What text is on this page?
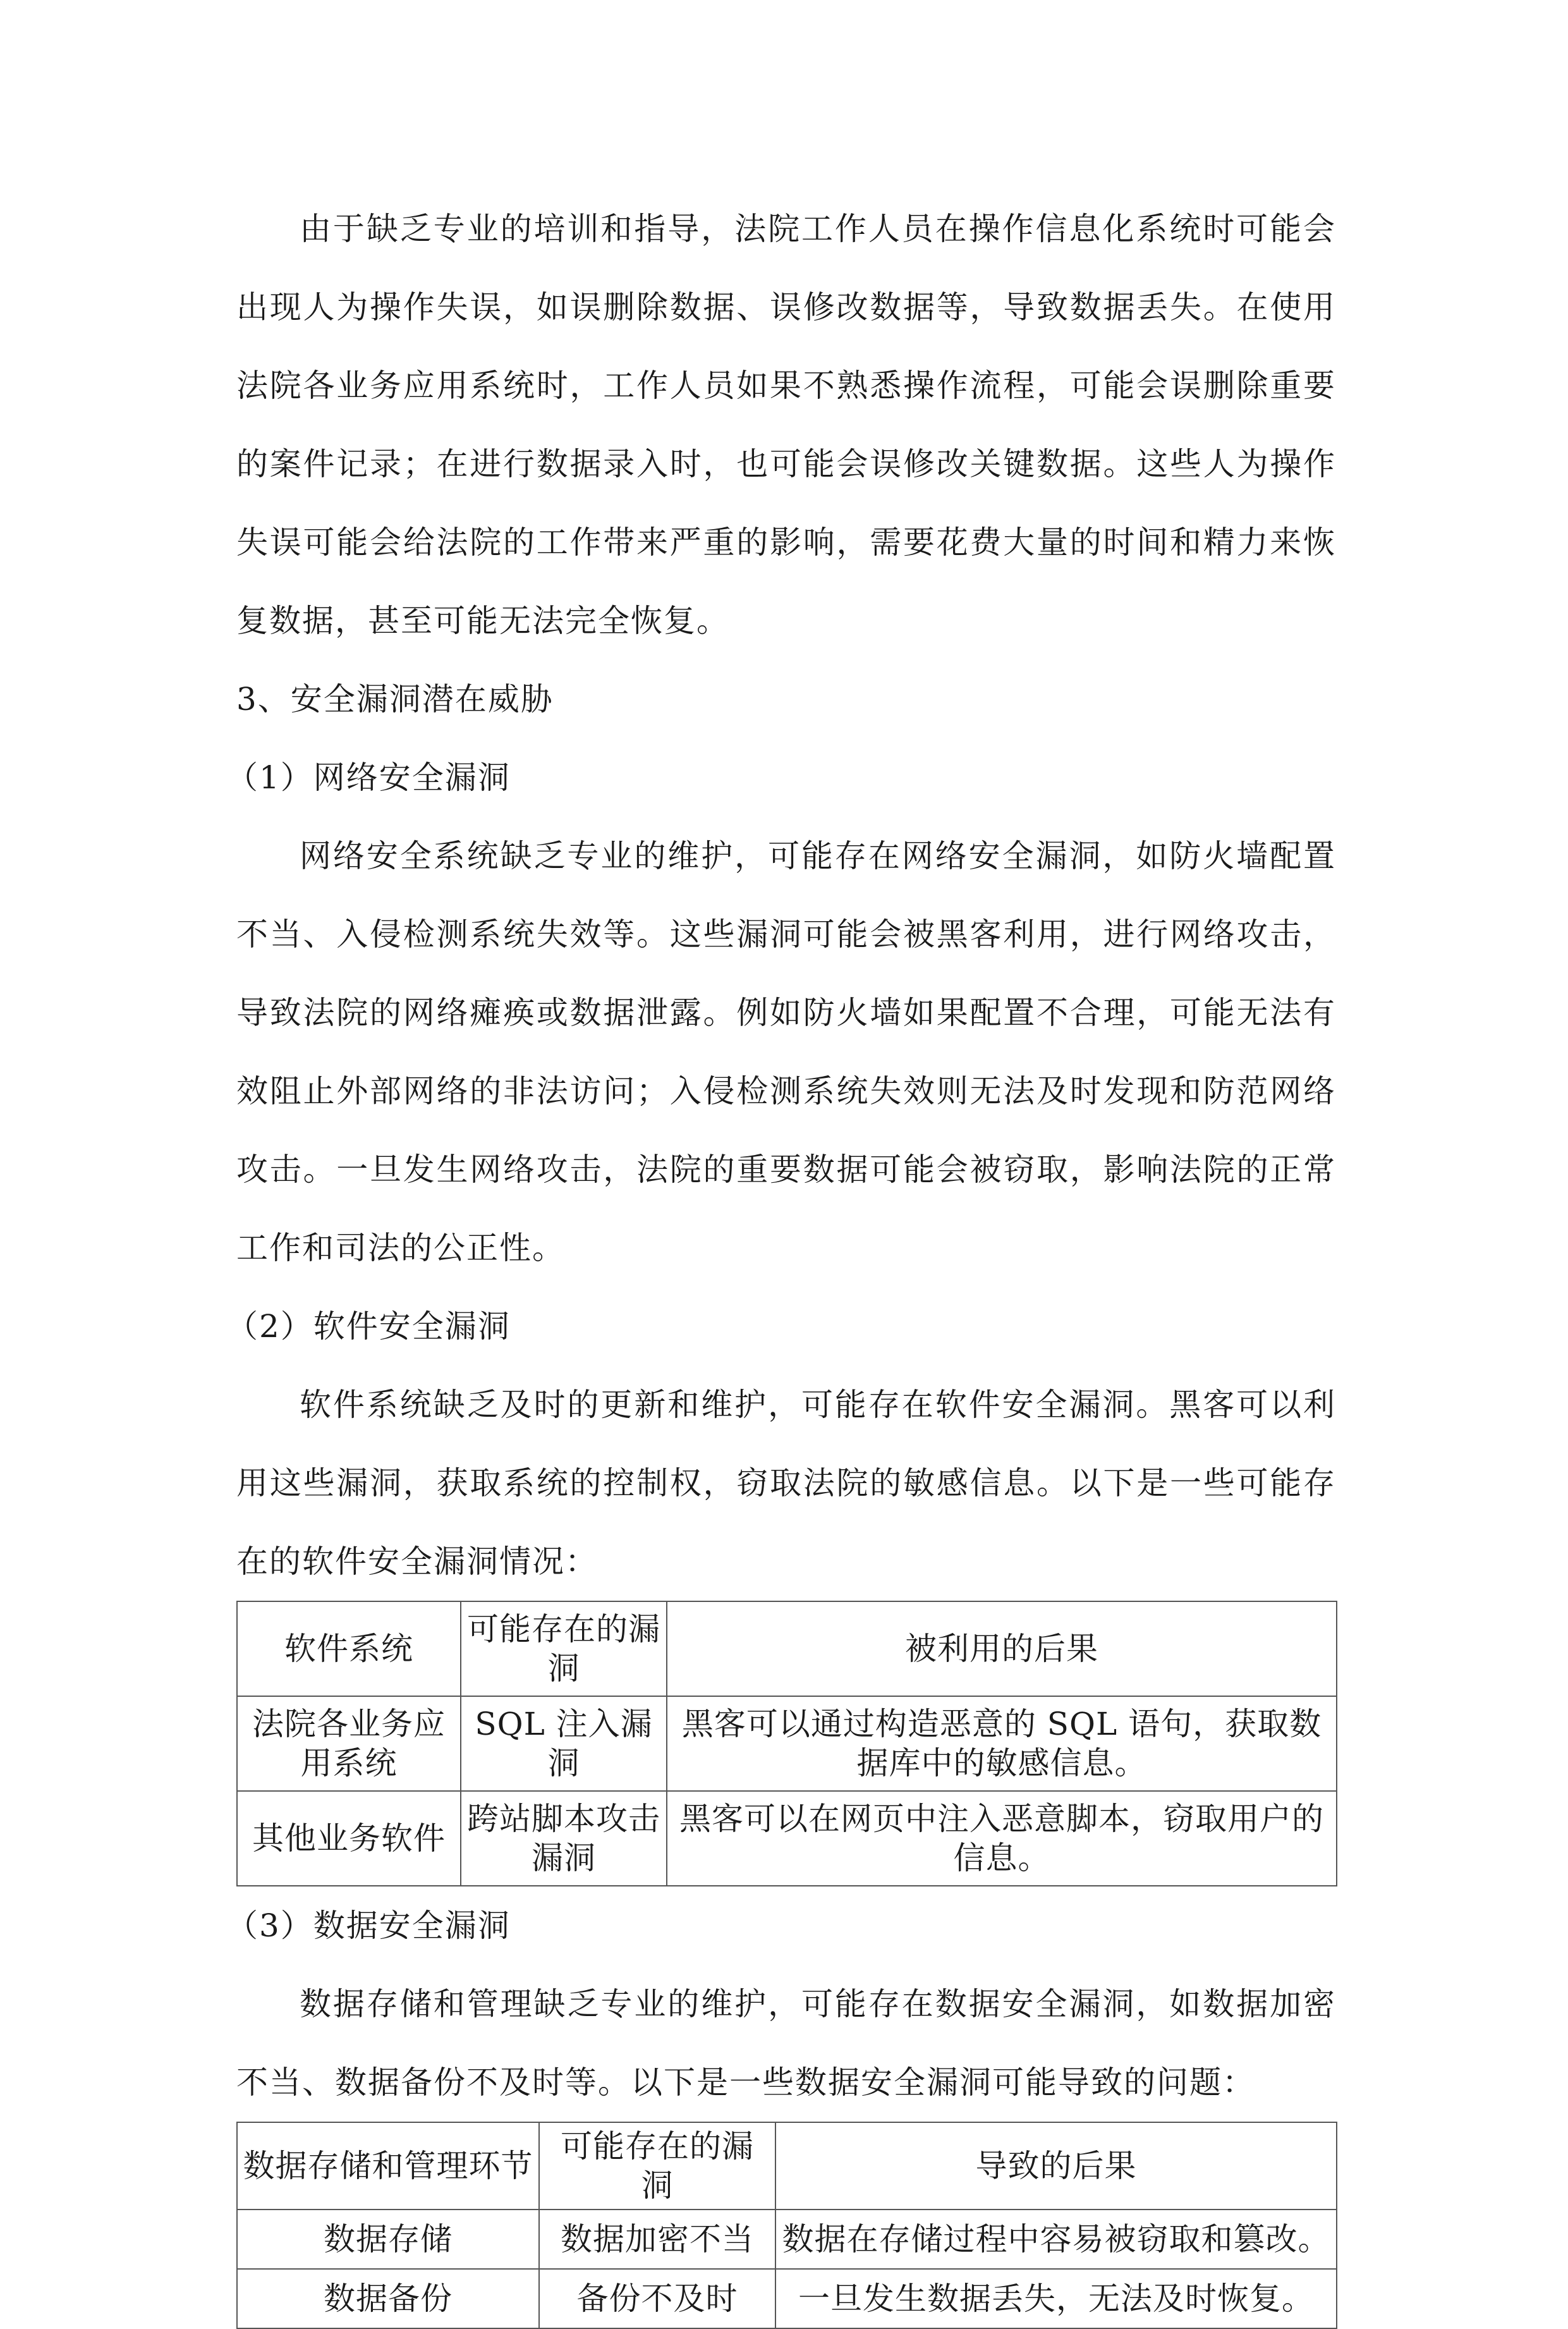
由于缺乏专业的培训和指导，法院工作人员在操作信息化系统时可能会出现人为操作失误，如误删除数据、误修改数据等，导致数据丢失。在使用法院各业务应用系统时，工作人员如果不熟悉操作流程，可能会误删除重要的案件记录；在进行数据录入时，也可能会误修改关键数据。这些人为操作失误可能会给法院的工作带来严重的影响，需要花费大量的时间和精力来恢复数据，甚至可能无法完全恢复。

3、安全漏洞潜在威胁

（1）网络安全漏洞

网络安全系统缺乏专业的维护，可能存在网络安全漏洞，如防火墙配置不当、入侵检测系统失效等。这些漏洞可能会被黑客利用，进行网络攻击，导致法院的网络瘫痪或数据泄露。例如防火墙如果配置不合理，可能无法有效阻止外部网络的非法访问；入侵检测系统失效则无法及时发现和防范网络攻击。一旦发生网络攻击，法院的重要数据可能会被窃取，影响法院的正常工作和司法的公正性。

（2）软件安全漏洞

软件系统缺乏及时的更新和维护，可能存在软件安全漏洞。黑客可以利用这些漏洞，获取系统的控制权，窃取法院的敏感信息。以下是一些可能存在的软件安全漏洞情况：

软件系统	可能存在的漏洞	被利用的后果
法院各业务应用系统	SQL 注入漏洞	黑客可以通过构造恶意的 SQL 语句，获取数据库中的敏感信息。
其他业务软件	跨站脚本攻击漏洞	黑客可以在网页中注入恶意脚本，窃取用户的信息。

（3）数据安全漏洞

数据存储和管理缺乏专业的维护，可能存在数据安全漏洞，如数据加密不当、数据备份不及时等。以下是一些数据安全漏洞可能导致的问题：

数据存储和管理环节	可能存在的漏洞	导致的后果
数据存储	数据加密不当	数据在存储过程中容易被窃取和篡改。
数据备份	备份不及时	一旦发生数据丢失，无法及时恢复。
